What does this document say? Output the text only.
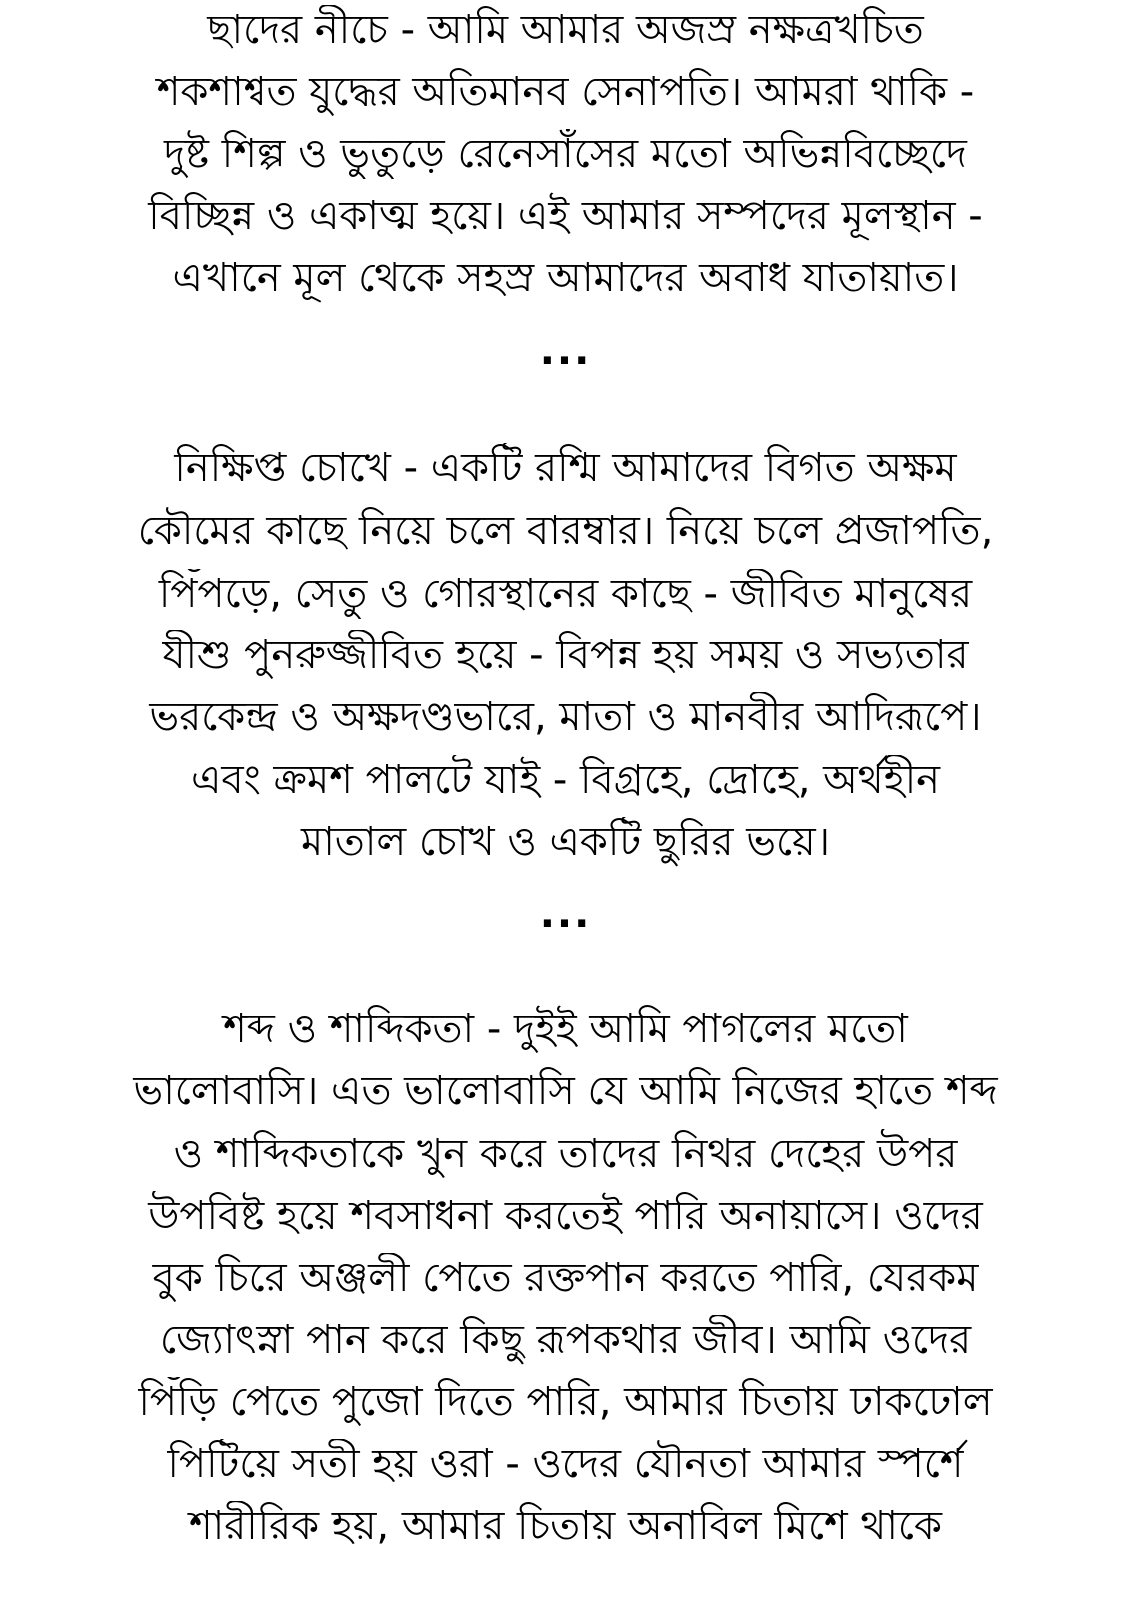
ছাদের নীচে - আমি আমার অজস্র নক্ষত্রখচিত
শকশাশ্বত যুদ্ধের অতিমানব সেনাপতি। আমরা থাকি -
দুষ্ট শিল্প ও ভুতুড়ে রেনেসাঁসের মতো অভিন্নবিচ্ছেদে
বিচ্ছিন্ন ও একাত্ম হয়ে। এই আমার সম্পদের মূলস্থান -
এখানে মূল থেকে সহস্র আমাদের অবাধ যাতায়াত।
...
নিক্ষিপ্ত চোখে - একটি রশ্মি আমাদের বিগত অক্ষম
কৌমের কাছে নিয়ে চলে বারম্বার। নিয়ে চলে প্রজাপতি,
পিঁপড়ে, সেতু ও গোরস্থানের কাছে - জীবিত মানুষের
যীশু পুনরুজ্জীবিত হয়ে - বিপন্ন হয় সময় ও সভ্যতার
ভরকেন্দ্র ও অক্ষদণ্ডভারে, মাতা ও মানবীর আদিরূপে।
এবং ক্রমশ পালটে যাই - বিগ্রহে, দ্রোহে, অর্থহীন
মাতাল চোখ ও একটি ছুরির ভয়ে।
...
শব্দ ও শাব্দিকতা - দুইই আমি পাগলের মতো
ভালোবাসি। এত ভালোবাসি যে আমি নিজের হাতে শব্দ
ও শাব্দিকতাকে খুন করে তাদের নিথর দেহের উপর
উপবিষ্ট হয়ে শবসাধনা করতেই পারি অনায়াসে। ওদের
বুক চিরে অঞ্জলী পেতে রক্তপান করতে পারি, যেরকম
জ্যোৎস্না পান করে কিছু রূপকথার জীব। আমি ওদের
পিঁড়ি পেতে পুজো দিতে পারি, আমার চিতায় ঢাকঢোল
পিটিয়ে সতী হয় ওরা - ওদের যৌনতা আমার স্পর্শে
শারীরিক হয়, আমার চিতায় অনাবিল মিশে থাকে
